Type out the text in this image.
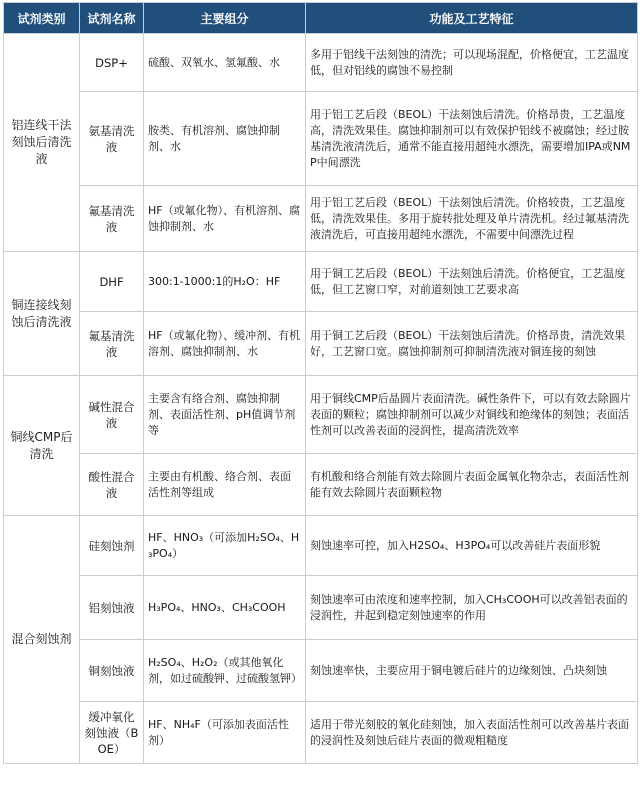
试剂类别	试剂名称	主要组分	功能及工艺特征
铝连线干法刻蚀后清洗液	DSP+	硫酸、双氧水、氢氟酸、水	多用于铝线干法刻蚀的清洗；可以现场混配，价格便宜，工艺温度低，但对铝线的腐蚀不易控制
	氨基清洗液	胺类、有机溶剂、腐蚀抑制剂、水	用于铝工艺后段（BEOL）干法刻蚀后清洗。价格昂贵，工艺温度高，清洗效果佳。腐蚀抑制剂可以有效保护铝线不被腐蚀；经过胺基清洗液清洗后，通常不能直接用超纯水漂洗，需要增加IPA或NMP中间漂洗
	氟基清洗液	HF（或氟化物）、有机溶剂、腐蚀抑制剂、水	用于铝工艺后段（BEOL）干法刻蚀后清洗。价格较贵，工艺温度低，清洗效果佳。多用于旋转批处理及单片清洗机。经过氟基清洗液清洗后，可直接用超纯水漂洗，不需要中间漂洗过程
铜连接线刻蚀后清洗液	DHF	300:1-1000:1的H₂O：HF	用于铜工艺后段（BEOL）干法刻蚀后清洗。价格便宜，工艺温度低，但工艺窗口窄，对前道刻蚀工艺要求高
	氟基清洗液	HF（或氟化物）、缓冲剂、有机溶剂、腐蚀抑制剂、水	用于铜工艺后段（BEOL）干法刻蚀后清洗。价格昂贵，清洗效果好，工艺窗口宽。腐蚀抑制剂可抑制清洗液对铜连接的刻蚀
铜线CMP后清洗	碱性混合液	主要含有络合剂、腐蚀抑制剂、表面活性剂、pH值调节剂等	用于铜线CMP后晶圆片表面清洗。碱性条件下，可以有效去除圆片表面的颗粒；腐蚀抑制剂可以减少对铜线和绝缘体的刻蚀；表面活性剂可以改善表面的浸润性，提高清洗效率
	酸性混合液	主要由有机酸、络合剂、表面活性剂等组成	有机酸和络合剂能有效去除圆片表面金属氧化物杂志，表面活性剂能有效去除圆片表面颗粒物
混合刻蚀剂	硅刻蚀剂	HF、HNO₃（可添加H₂SO₄、H₃PO₄）	刻蚀速率可控，加入H2SO₄、H3PO₄可以改善硅片表面形貌
	铝刻蚀液	H₃PO₄、HNO₃、CH₃COOH	刻蚀速率可由浓度和速率控制，加入CH₃COOH可以改善铝表面的浸润性，并起到稳定刻蚀速率的作用
	铜刻蚀液	H₂SO₄、H₂O₂（或其他氧化剂，如过硫酸钾、过硫酸氢钾）	刻蚀速率快，主要应用于铜电镀后硅片的边缘刻蚀、凸块刻蚀
	缓冲氧化刻蚀液（BOE）	HF、NH₄F（可添加表面活性剂）	适用于带光刻胶的氧化硅刻蚀，加入表面活性剂可以改善基片表面的浸润性及刻蚀后硅片表面的微观粗糙度
